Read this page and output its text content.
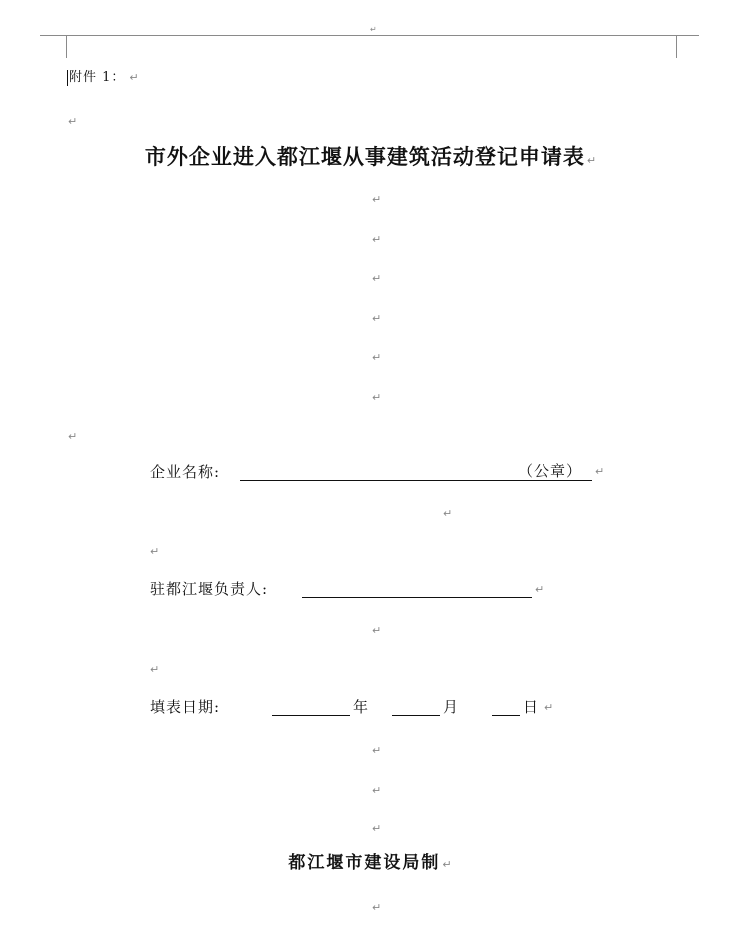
↵
附件 1： ↵
↵
市外企业进入都江堰从事建筑活动登记申请表 ↵
↵
↵
↵
↵
↵
↵
↵
企业名称:	（公章） ↵
↵
↵
驻都江堰负责人:	↵
↵
↵
填表日期:	年	月	日 ↵
↵
↵
↵
都江堰市建设局制 ↵
↵
